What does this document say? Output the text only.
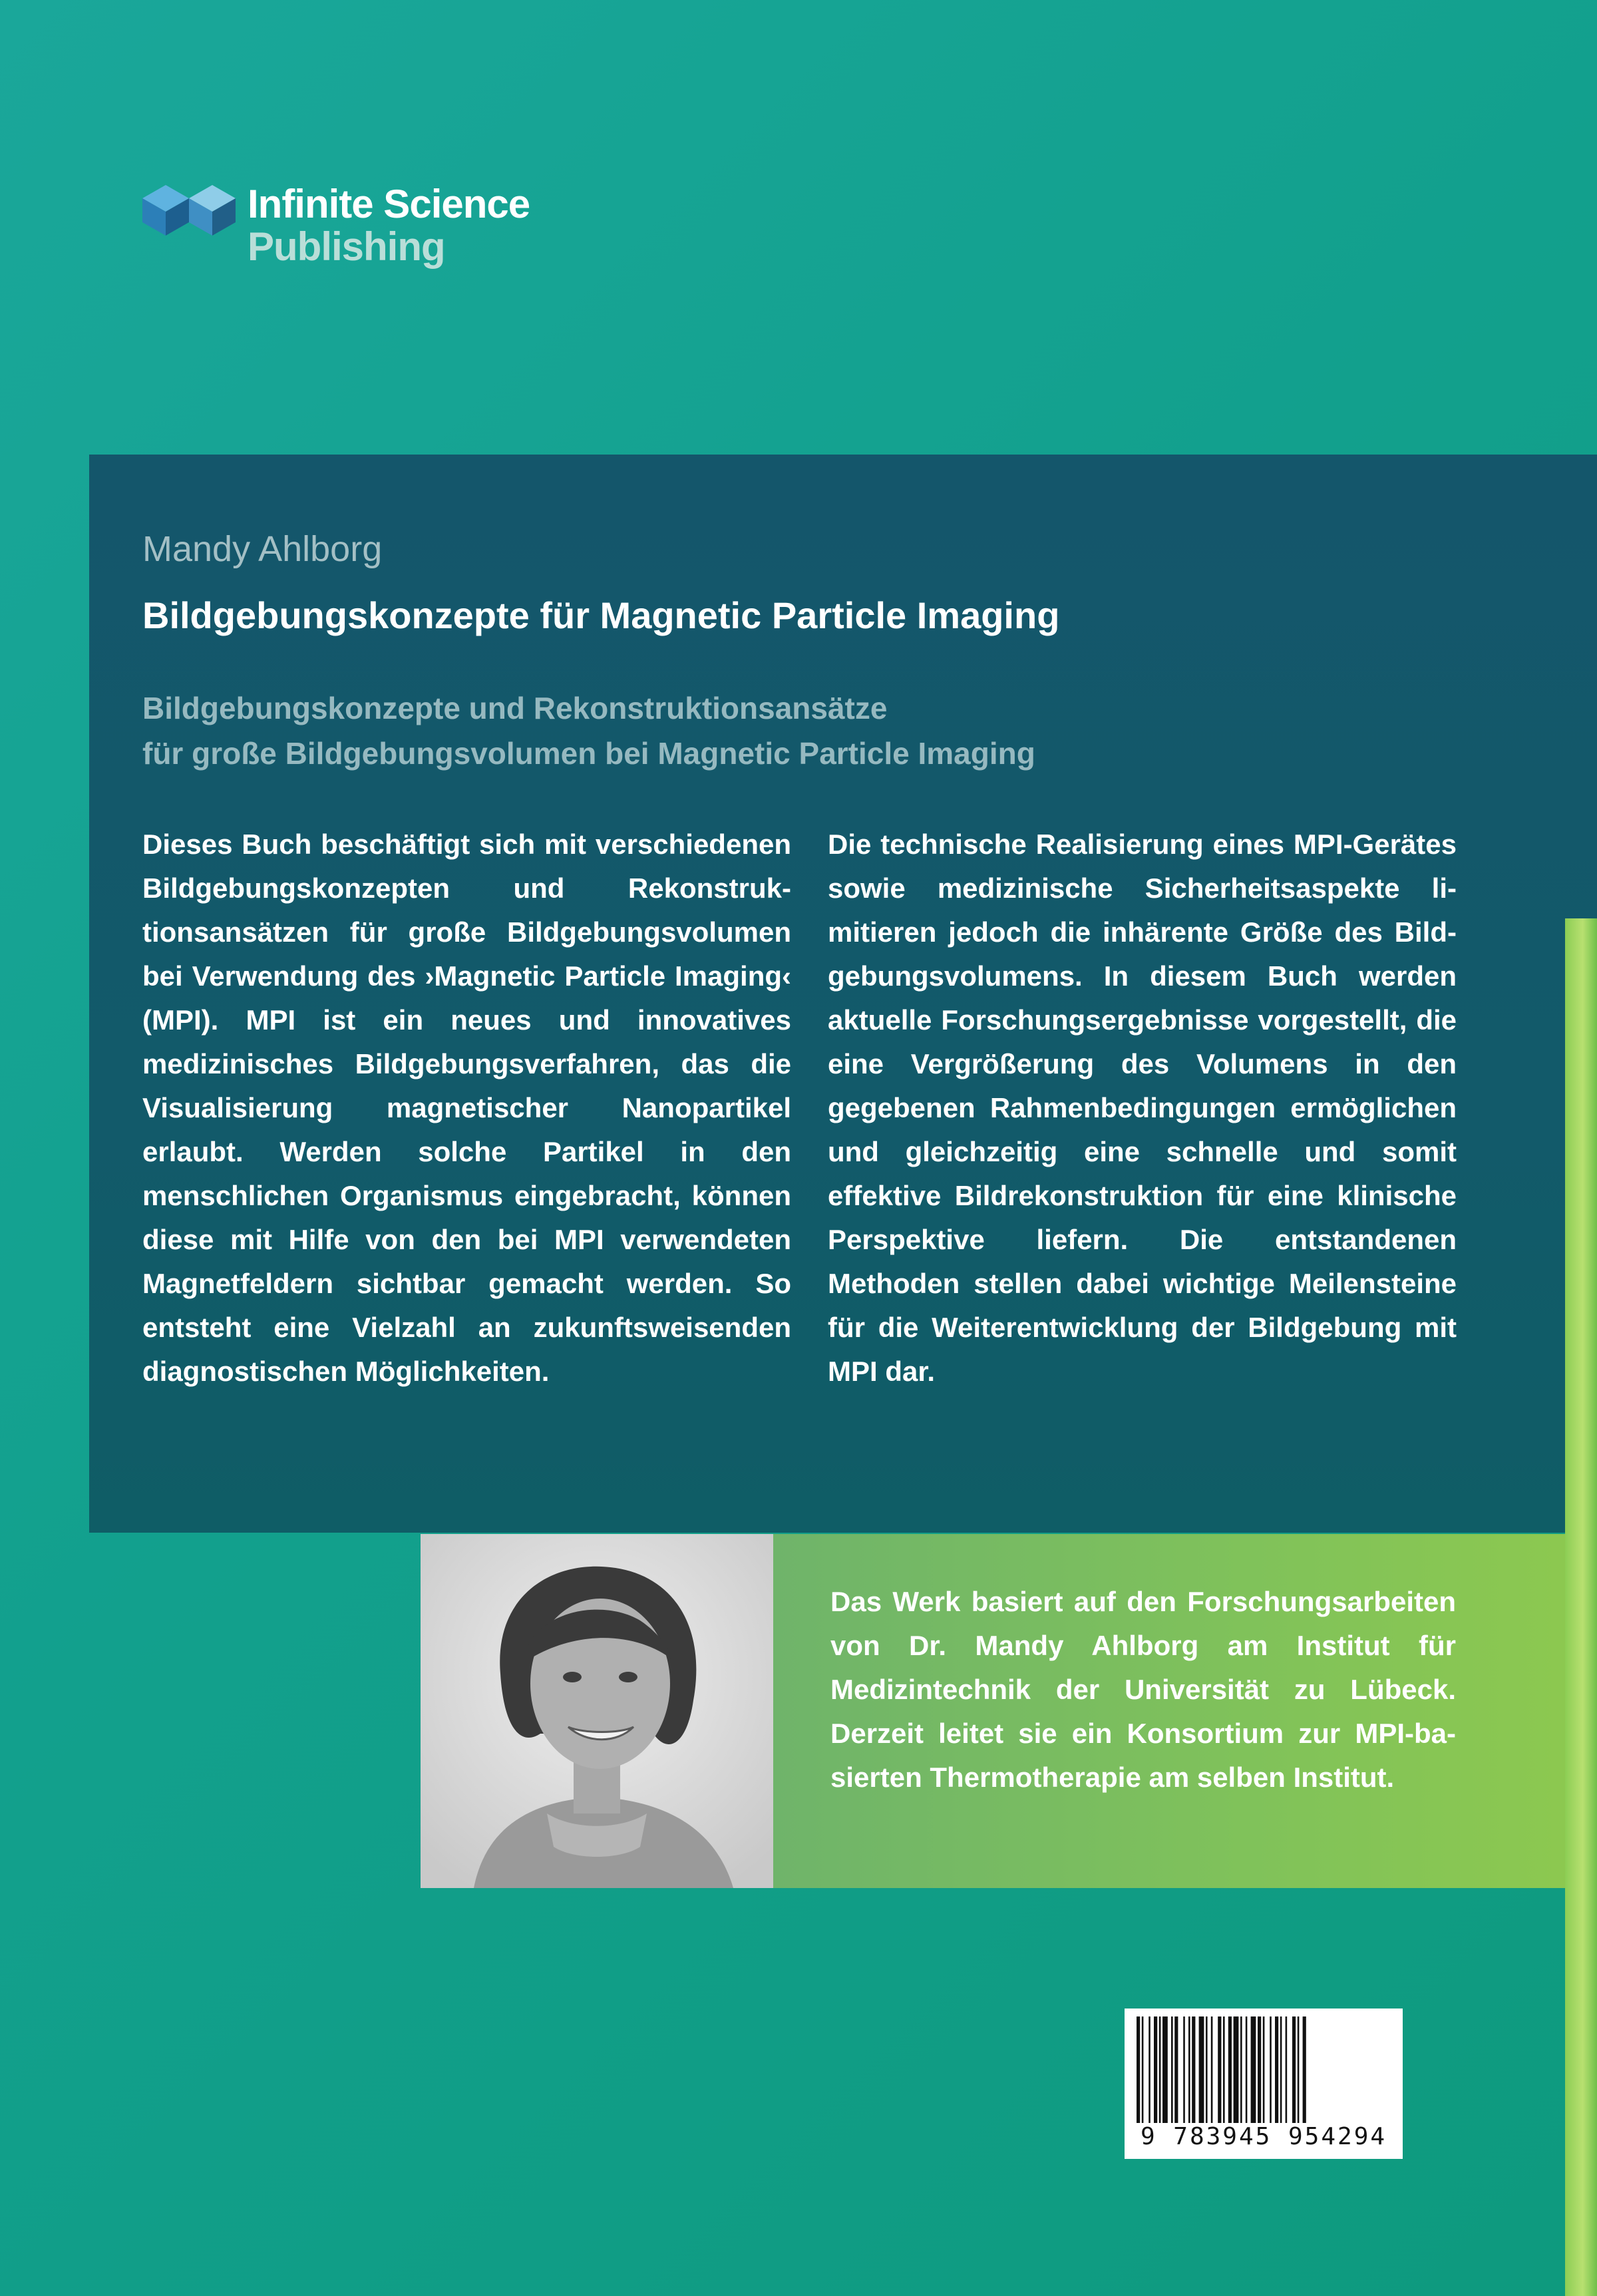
Infinite Science
Publishing
Mandy Ahlborg
Bildgebungskonzepte für Magnetic Particle Imaging
Bildgebungskonzepte und Rekonstruktionsansätze
für große Bildgebungsvolumen bei Magnetic Particle Imaging
Dieses Buch beschäftigt sich mit verschiedenen Bildgebungskonzepten und Rekonstruktionsansätzen für große Bildgebungsvolumen bei Verwendung des ›Magnetic Particle Imaging‹ (MPI). MPI ist ein neues und innovatives medizinisches Bildgebungsverfahren, das die Visualisierung magnetischer Nanopartikel erlaubt. Werden solche Partikel in den menschlichen Organismus eingebracht, können diese mit Hilfe von den bei MPI verwendeten Magnetfeldern sichtbar gemacht werden. So entsteht eine Vielzahl an zukunftsweisenden diagnostischen Möglichkeiten.
Die technische Realisierung eines MPI-Gerätes sowie medizinische Sicherheitsaspekte limitieren jedoch die inhärente Größe des Bildgebungsvolumens. In diesem Buch werden aktuelle Forschungsergebnisse vorgestellt, die eine Vergrößerung des Volumens in den gegebenen Rahmenbedingungen ermöglichen und gleichzeitig eine schnelle und somit effektive Bildrekonstruktion für eine klinische Perspektive liefern. Die entstandenen Methoden stellen dabei wichtige Meilensteine für die Weiterentwicklung der Bildgebung mit MPI dar.
Das Werk basiert auf den Forschungsarbeiten von Dr. Mandy Ahlborg am Institut für Medizintechnik der Universität zu Lübeck. Derzeit leitet sie ein Konsortium zur MPI-basierten Thermotherapie am selben Institut.
9 783945 954294
